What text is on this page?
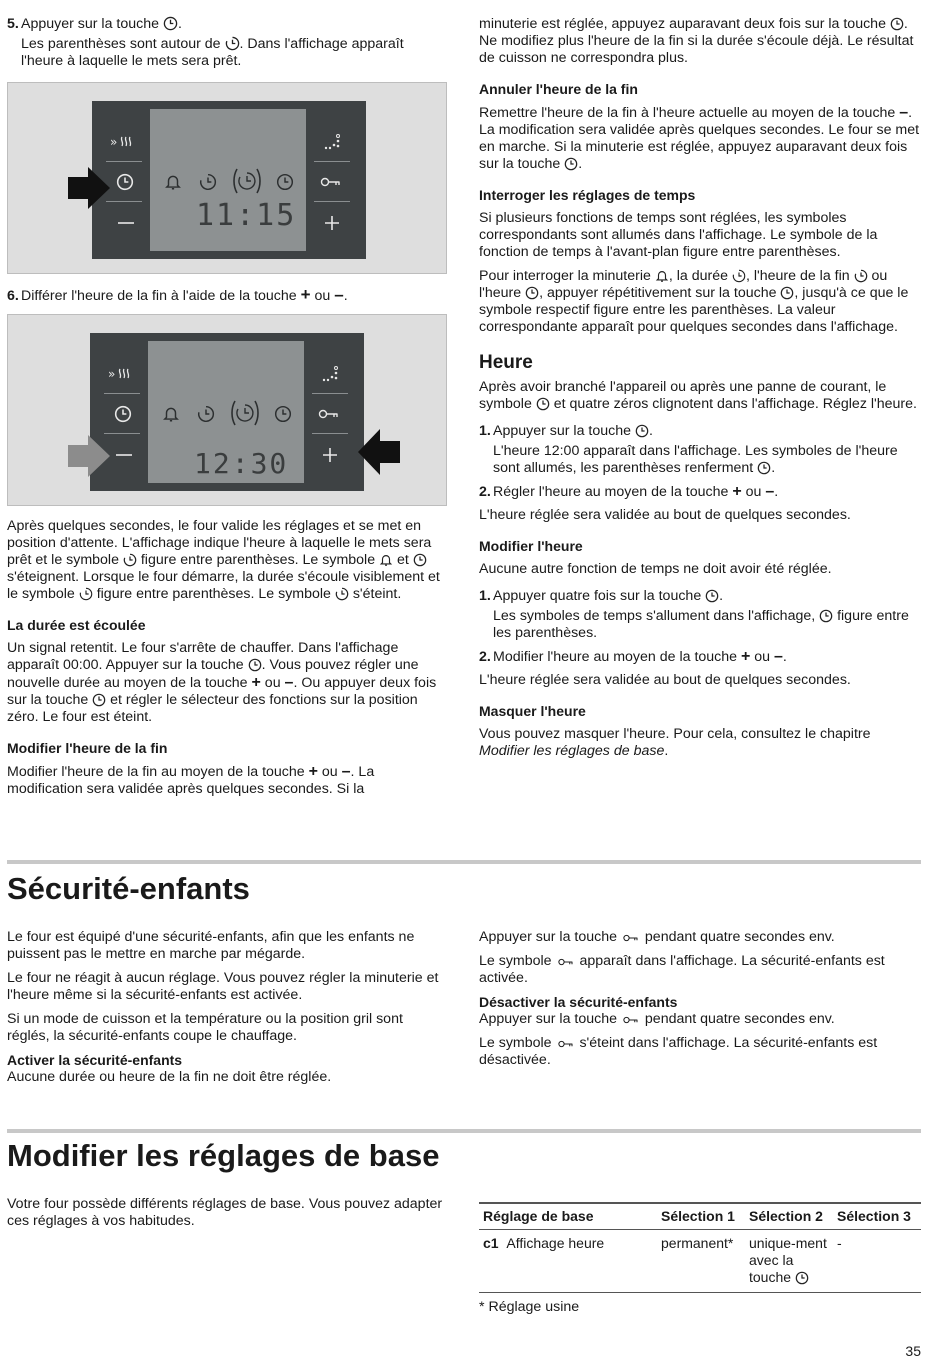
5. Appuyer sur la touche .
Les parenthèses sont autour de . Dans l'affichage apparaît l'heure à laquelle le mets sera prêt.
»
11:15
6. Différer l'heure de la fin à l'aide de la touche + ou –.
»
12:30

Après quelques secondes, le four valide les réglages et se met en position d'attente. L'affichage indique l'heure à laquelle le mets sera prêt et le symbole  figure entre parenthèses. Le symbole  et  s'éteignent. Lorsque le four démarre, la durée s'écoule visiblement et le symbole  figure entre parenthèses. Le symbole  s'éteint.

La durée est écoulée

Un signal retentit. Le four s'arrête de chauffer. Dans l'affichage apparaît 00:00. Appuyer sur la touche . Vous pouvez régler une nouvelle durée au moyen de la touche + ou –. Ou appuyer deux fois sur la touche  et régler le sélecteur des fonctions sur la position zéro. Le four est éteint.

Modifier l'heure de la fin

Modifier l'heure de la fin au moyen de la touche + ou –. La modification sera validée après quelques secondes. Si la

minuterie est réglée, appuyez auparavant deux fois sur la touche . Ne modifiez plus l'heure de la fin si la durée s'écoule déjà. Le résultat de cuisson ne correspondra plus.

Annuler l'heure de la fin

Remettre l'heure de la fin à l'heure actuelle au moyen de la touche –. La modification sera validée après quelques secondes. Le four se met en marche. Si la minuterie est réglée, appuyez auparavant deux fois sur la touche .

Interroger les réglages de temps

Si plusieurs fonctions de temps sont réglées, les symboles correspondants sont allumés dans l'affichage. Le symbole de la fonction de temps à l'avant-plan figure entre parenthèses.

Pour interroger la minuterie , la durée , l'heure de la fin  ou l'heure , appuyer répétitivement sur la touche , jusqu'à ce que le symbole respectif figure entre les parenthèses. La valeur correspondante apparaît pour quelques secondes dans l'affichage.

Heure

Après avoir branché l'appareil ou après une panne de courant, le symbole  et quatre zéros clignotent dans l'affichage. Réglez l'heure.

1. Appuyer sur la touche .
L'heure 12:00 apparaît dans l'affichage. Les symboles de l'heure sont allumés, les parenthèses renferment .
2. Régler l'heure au moyen de la touche + ou –.

L'heure réglée sera validée au bout de quelques secondes.

Modifier l'heure

Aucune autre fonction de temps ne doit avoir été réglée.

1. Appuyer quatre fois sur la touche .
Les symboles de temps s'allument dans l'affichage,  figure entre les parenthèses.
2. Modifier l'heure au moyen de la touche + ou –.

L'heure réglée sera validée au bout de quelques secondes.

Masquer l'heure

Vous pouvez masquer l'heure. Pour cela, consultez le chapitre Modifier les réglages de base.

Sécurité-enfants

Le four est équipé d'une sécurité-enfants, afin que les enfants ne puissent pas le mettre en marche par mégarde.

Le four ne réagit à aucun réglage. Vous pouvez régler la minuterie et l'heure même si la sécurité-enfants est activée.

Si un mode de cuisson et la température ou la position gril sont réglés, la sécurité-enfants coupe le chauffage.

Activer la sécurité-enfants

Aucune durée ou heure de la fin ne doit être réglée.

Appuyer sur la touche  pendant quatre secondes env.

Le symbole  apparaît dans l'affichage. La sécurité-enfants est activée.

Désactiver la sécurité-enfants

Appuyer sur la touche  pendant quatre secondes env.

Le symbole  s'éteint dans l'affichage. La sécurité-enfants est désactivée.

Modifier les réglages de base

Votre four possède différents réglages de base. Vous pouvez adapter ces réglages à vos habitudes.	Réglage de base	Sélection 1	Sélection 2	Sélection 3
c1 Affichage heure	permanent*	unique-ment avec la touche	-

* Réglage usine

35
